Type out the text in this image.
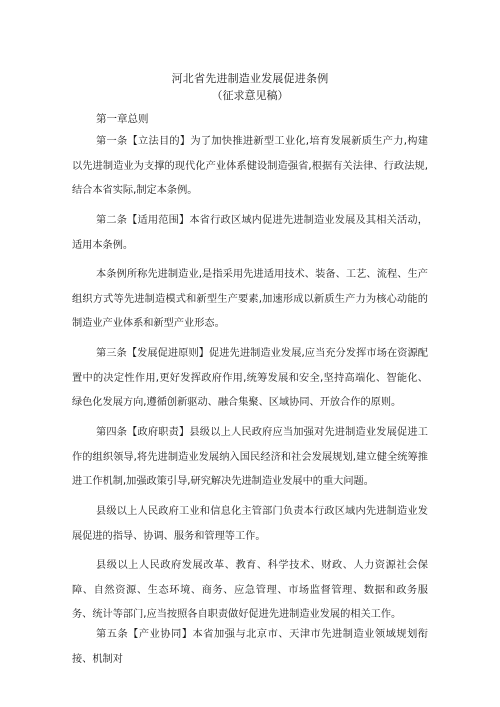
河北省先进制造业发展促进条例
（征求意见稿）
第一章总则
第一条【立法目的】为了加快推进新型工业化,培育发展新质生产力,构建以先进制造业为支撑的现代化产业体系健设制造强省,根据有关法律、行政法规,结合本省实际,制定本条例。
第二条【适用范围】本省行政区域内促进先进制造业发展及其相关活动，适用本条例。
本条例所称先进制造业,是指采用先进适用技术、装备、工艺、流程、生产组织方式等先进制造模式和新型生产要素,加速形成以新质生产力为核心动能的制造业产业体系和新型产业形态。
第三条【发展促进原则】促进先进制造业发展,应当充分发挥市场在资源配置中的决定性作用,更好发挥政府作用,统筹发展和安全,坚持高端化、智能化、绿色化发展方向,遵循创新驱动、融合集聚、区域协同、开放合作的原则。
第四条【政府职责】县级以上人民政府应当加强对先进制造业发展促进工作的组织领导,将先进制造业发展纳入国民经济和社会发展规划,建立健全统筹推进工作机制,加强政策引导,研究解决先进制造业发展中的重大问题。
县级以上人民政府工业和信息化主管部门负责本行政区域内先进制造业发展促进的指导、协调、服务和管理等工作。
县级以上人民政府发展改革、教育、科学技术、财政、人力资源社会保障、自然资源、生态环境、商务、应急管理、市场监督管理、数据和政务服务、统计等部门,应当按照各自职责做好促进先进制造业发展的相关工作。
第五条【产业协同】本省加强与北京市、天津市先进制造业领域规划衔接、机制对
